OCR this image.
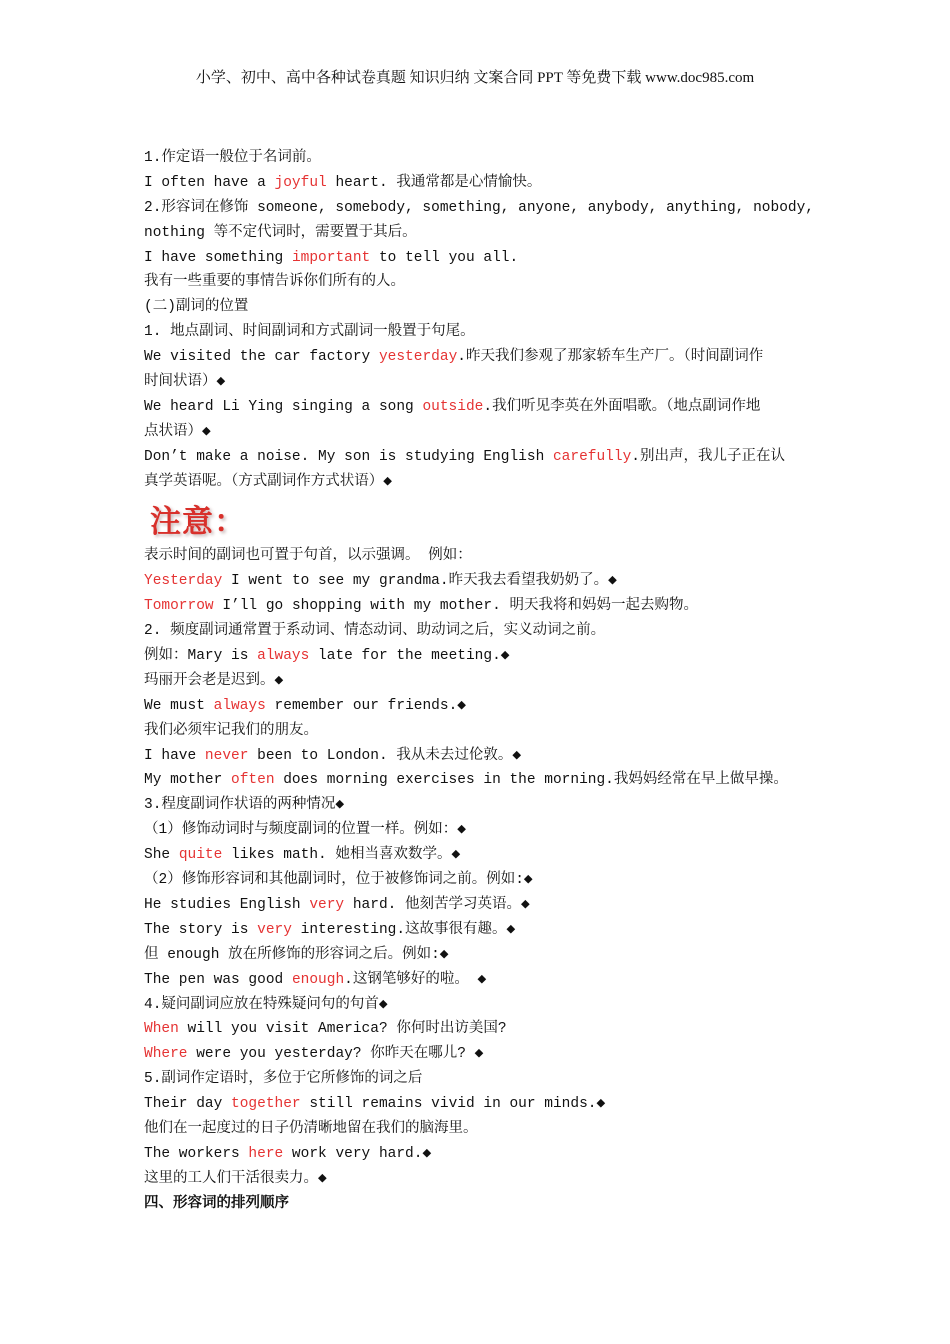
小学、初中、高中各种试卷真题 知识归纳 文案合同 PPT 等免费下载 www.doc985.com
1.作定语一般位于名词前。
I often have a joyful heart. 我通常都是心情愉快。
2.形容词在修饰 someone, somebody, something, anyone, anybody, anything, nobody,
nothing 等不定代词时，需要置于其后。
I have something important to tell you all.
我有一些重要的事情告诉你们所有的人。
(二)副词的位置
1. 地点副词、时间副词和方式副词一般置于句尾。
We visited the car factory yesterday.昨天我们参观了那家轿车生产厂。（时间副词作
时间状语）◆
We heard Li Ying singing a song outside.我们听见李英在外面唱歌。（地点副词作地
点状语）◆
Don’t make a noise. My son is studying English carefully.别出声，我儿子正在认
真学英语呢。（方式副词作方式状语）◆
注意：
表示时间的副词也可置于句首，以示强调。 例如：
Yesterday I went to see my grandma.昨天我去看望我奶奶了。◆
Tomorrow I’ll go shopping with my mother. 明天我将和妈妈一起去购物。
2. 频度副词通常置于系动词、情态动词、助动词之后，实义动词之前。
例如：Mary is always late for the meeting.◆
玛丽开会老是迟到。◆
We must always remember our friends.◆
我们必须牢记我们的朋友。
I have never been to London. 我从未去过伦敦。◆
My mother often does morning exercises in the morning.我妈妈经常在早上做早操。
3.程度副词作状语的两种情况◆
（1）修饰动词时与频度副词的位置一样。例如：◆
She quite likes math. 她相当喜欢数学。◆
（2）修饰形容词和其他副词时，位于被修饰词之前。例如:◆
He studies English very hard. 他刻苦学习英语。◆
The story is very interesting.这故事很有趣。◆
但 enough 放在所修饰的形容词之后。例如:◆
The pen was good enough.这钢笔够好的啦。 ◆
4.疑问副词应放在特殊疑问句的句首◆
When will you visit America? 你何时出访美国?
Where were you yesterday? 你昨天在哪儿? ◆
5.副词作定语时，多位于它所修饰的词之后
Their day together still remains vivid in our minds.◆
他们在一起度过的日子仍清晰地留在我们的脑海里。
The workers here work very hard.◆
这里的工人们干活很卖力。◆
四、形容词的排列顺序
